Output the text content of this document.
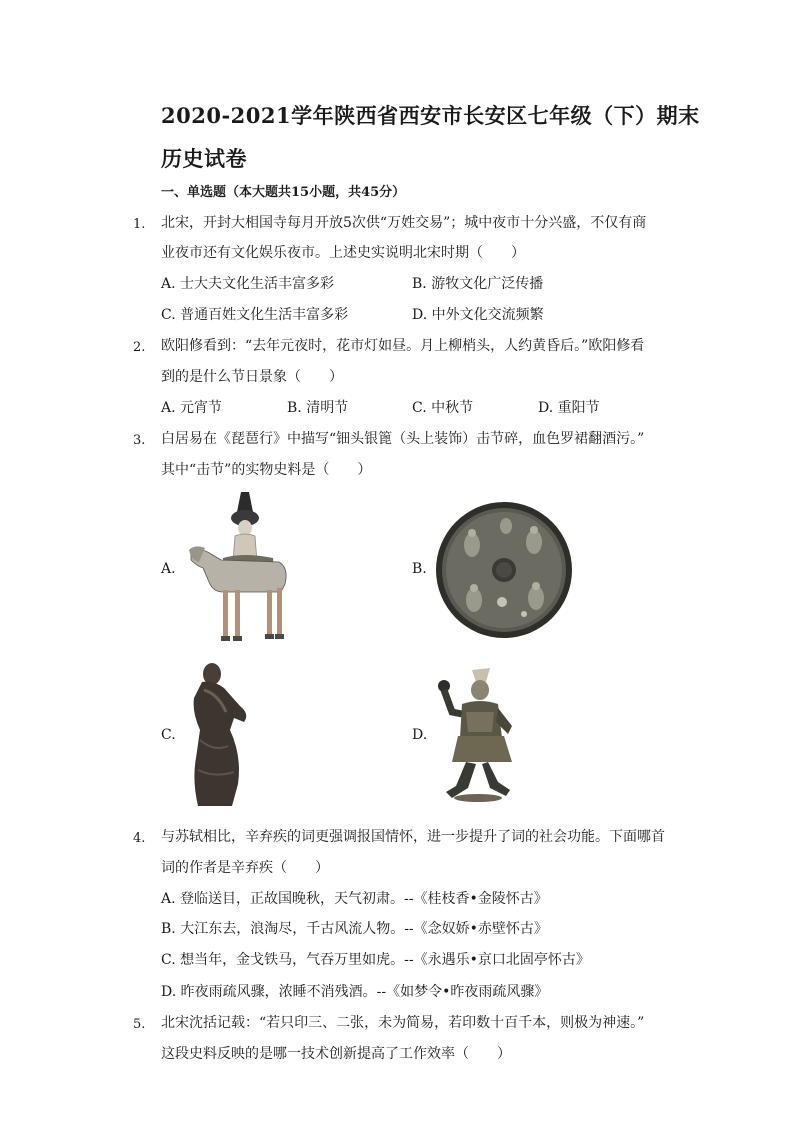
2020-2021学年陕西省西安市长安区七年级（下）期末
历史试卷
一、单选题（本大题共15小题，共45分）
1. 北宋，开封大相国寺每月开放5次供“万姓交易”；城中夜市十分兴盛，不仅有商
业夜市还有文化娱乐夜市。上述史实说明北宋时期（　　）
A. 士大夫文化生活丰富多彩	B. 游牧文化广泛传播
C. 普通百姓文化生活丰富多彩	D. 中外文化交流频繁
2. 欧阳修看到：“去年元夜时，花市灯如昼。月上柳梢头，人约黄昏后。”欧阳修看
到的是什么节日景象（　　）
A. 元宵节	B. 清明节	C. 中秋节	D. 重阳节
3. 白居易在《琵琶行》中描写“钿头银篦（头上装饰）击节碎，血色罗裙翻酒污。”
其中“击节”的实物史料是（　　）
A.	B.
C.	D.
4. 与苏轼相比，辛弃疾的词更强调报国情怀，进一步提升了词的社会功能。下面哪首
词的作者是辛弃疾（　　）
A. 登临送目，正故国晚秋，天气初肃。--《桂枝香•金陵怀古》
B. 大江东去，浪淘尽，千古风流人物。--《念奴娇•赤壁怀古》
C. 想当年，金戈铁马，气吞万里如虎。--《永遇乐•京口北固亭怀古》
D. 昨夜雨疏风骤，浓睡不消残酒。--《如梦令•昨夜雨疏风骤》
5. 北宋沈括记载：“若只印三、二张，未为简易，若印数十百千本，则极为神速。”
这段史料反映的是哪一技术创新提高了工作效率（　　）
